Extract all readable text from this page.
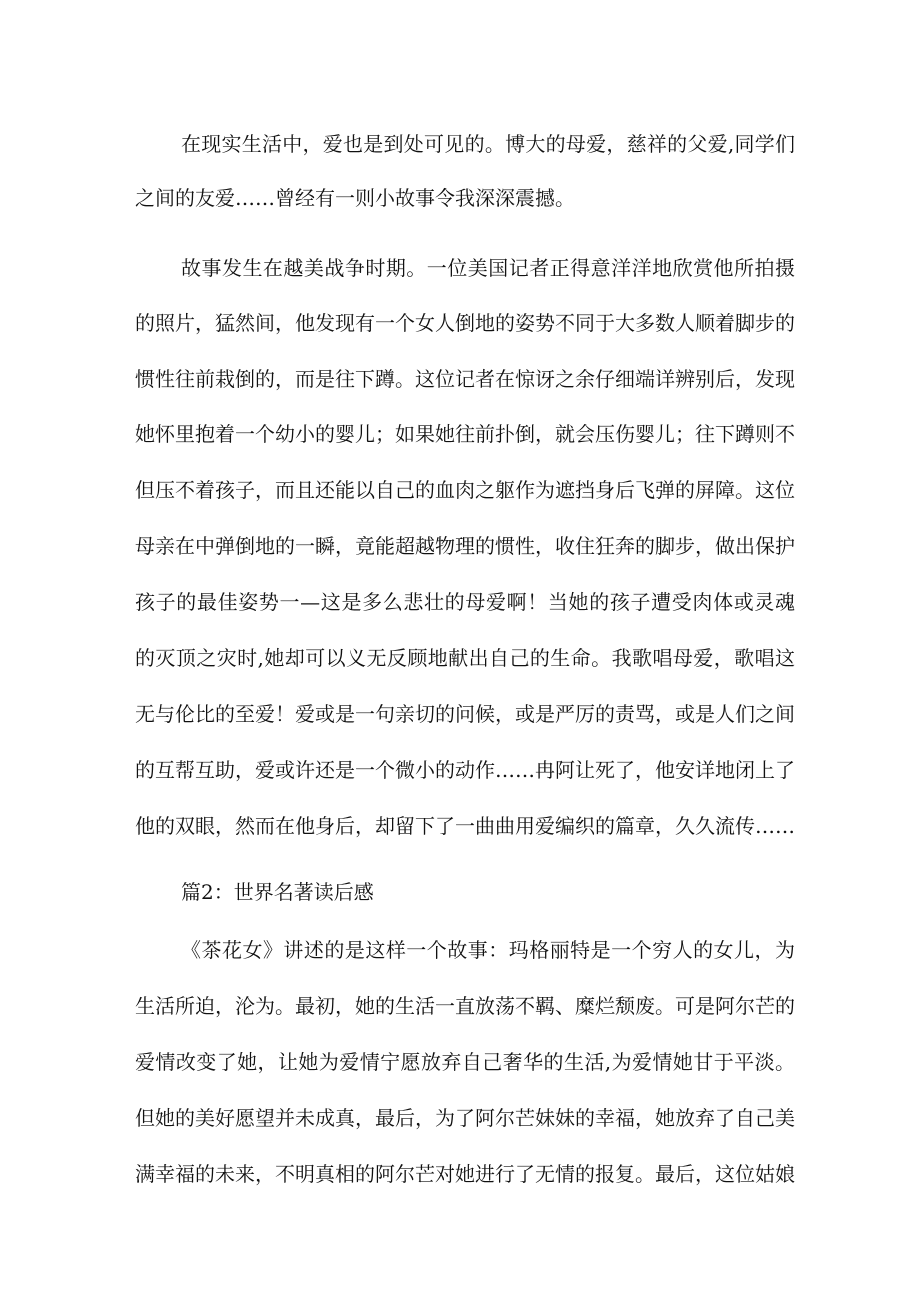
在现实生活中，爱也是到处可见的。博大的母爱，慈祥的父爱,同学们
之间的友爱……曾经有一则小故事令我深深震撼。
故事发生在越美战争时期。一位美国记者正得意洋洋地欣赏他所拍摄
的照片，猛然间，他发现有一个女人倒地的姿势不同于大多数人顺着脚步的
惯性往前栽倒的，而是往下蹲。这位记者在惊讶之余仔细端详辨别后，发现
她怀里抱着一个幼小的婴儿；如果她往前扑倒，就会压伤婴儿；往下蹲则不
但压不着孩子，而且还能以自己的血肉之躯作为遮挡身后飞弹的屏障。这位
母亲在中弹倒地的一瞬，竟能超越物理的惯性，收住狂奔的脚步，做出保护
孩子的最佳姿势一—这是多么悲壮的母爱啊！当她的孩子遭受肉体或灵魂
的灭顶之灾时,她却可以义无反顾地献出自己的生命。我歌唱母爱，歌唱这
无与伦比的至爱！爱或是一句亲切的问候，或是严厉的责骂，或是人们之间
的互帮互助，爱或许还是一个微小的动作……冉阿让死了，他安详地闭上了
他的双眼，然而在他身后，却留下了一曲曲用爱编织的篇章，久久流传……
篇2：世界名著读后感
《茶花女》讲述的是这样一个故事：玛格丽特是一个穷人的女儿，为
生活所迫，沦为。最初，她的生活一直放荡不羁、糜烂颓废。可是阿尔芒的
爱情改变了她，让她为爱情宁愿放弃自己奢华的生活,为爱情她甘于平淡。
但她的美好愿望并未成真，最后，为了阿尔芒妹妹的幸福，她放弃了自己美
满幸福的未来，不明真相的阿尔芒对她进行了无情的报复。最后，这位姑娘
